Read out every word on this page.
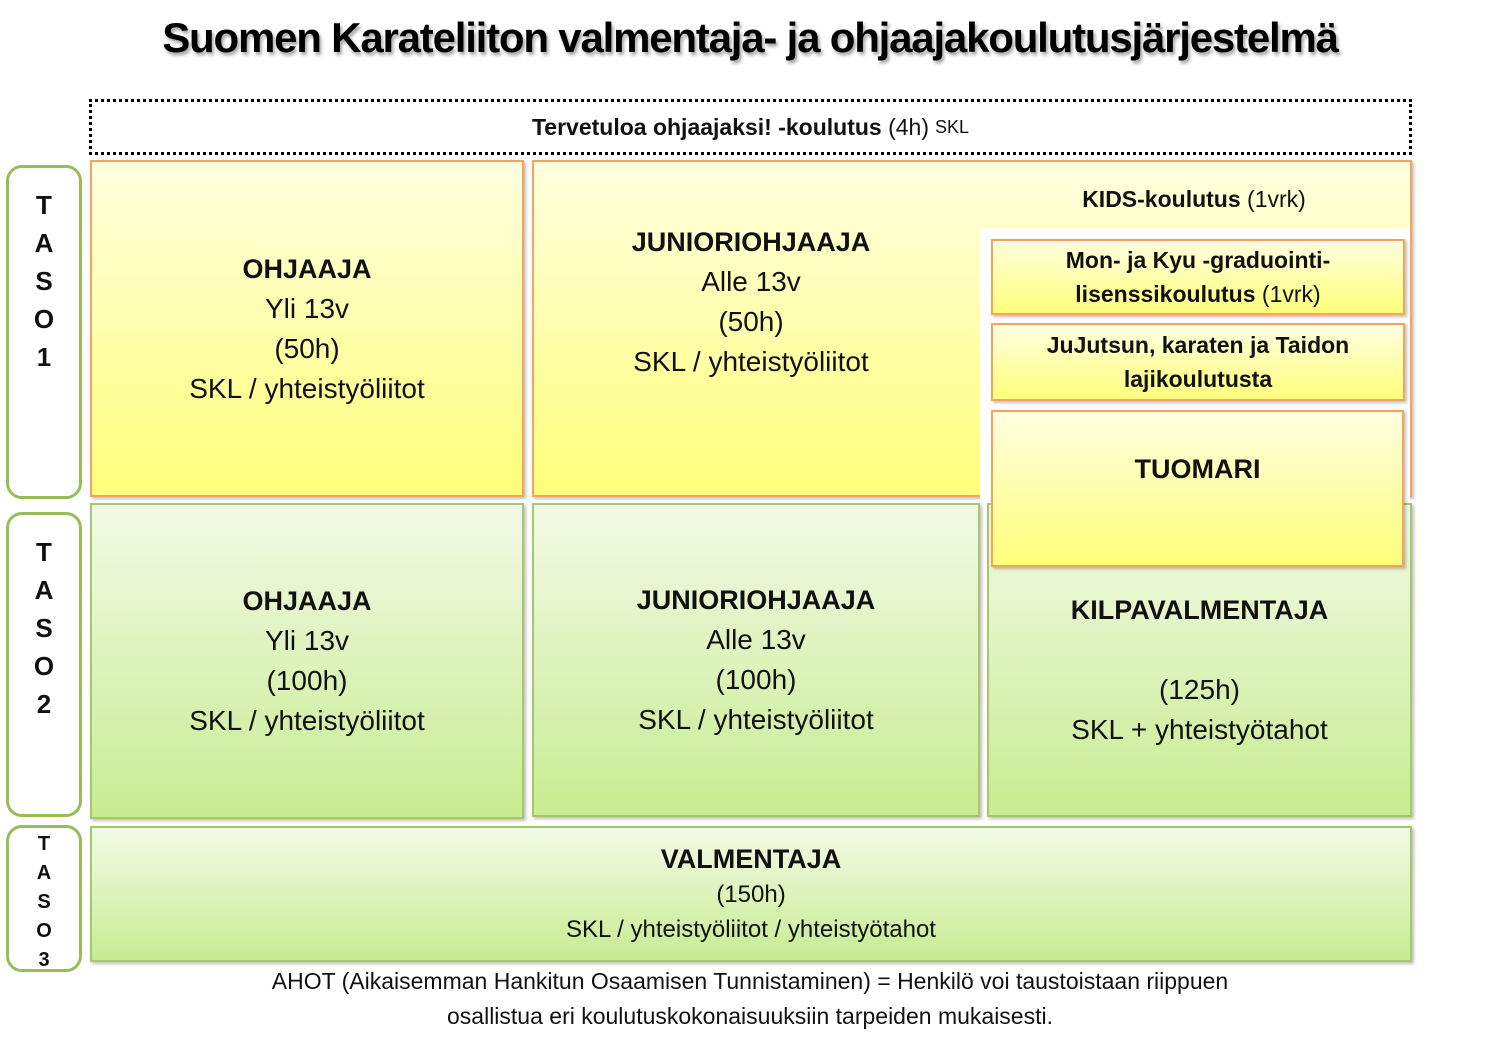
Suomen Karateliiton valmentaja- ja ohjaajakoulutusjärjestelmä
Tervetuloa ohjaajaksi! -koulutus
(4h) SKL
T
A
S
O
1
T
A
S
O
2
T
A
S
O
3
OHJAAJA
Yli 13v
(50h)
SKL / yhteistyöliitot
JUNIORIOHJAAJA
Alle 13v
(50h)
SKL / yhteistyöliitot
KIDS-koulutus (1vrk)
Mon- ja Kyu -graduointi-
lisenssikoulutus (1vrk)
JuJutsun, karaten ja Taidon
lajikoulutusta
OHJAAJA
Yli 13v
(100h)
SKL / yhteistyöliitot
JUNIORIOHJAAJA
Alle 13v
(100h)
SKL / yhteistyöliitot
KILPAVALMENTAJA
(125h)
SKL + yhteistyötahot
TUOMARI
VALMENTAJA
(150h)
SKL / yhteistyöliitot / yhteistyötahot
AHOT (Aikaisemman Hankitun Osaamisen Tunnistaminen) = Henkilö voi taustoistaan riippuen
osallistua eri koulutuskokonaisuuksiin tarpeiden mukaisesti.
